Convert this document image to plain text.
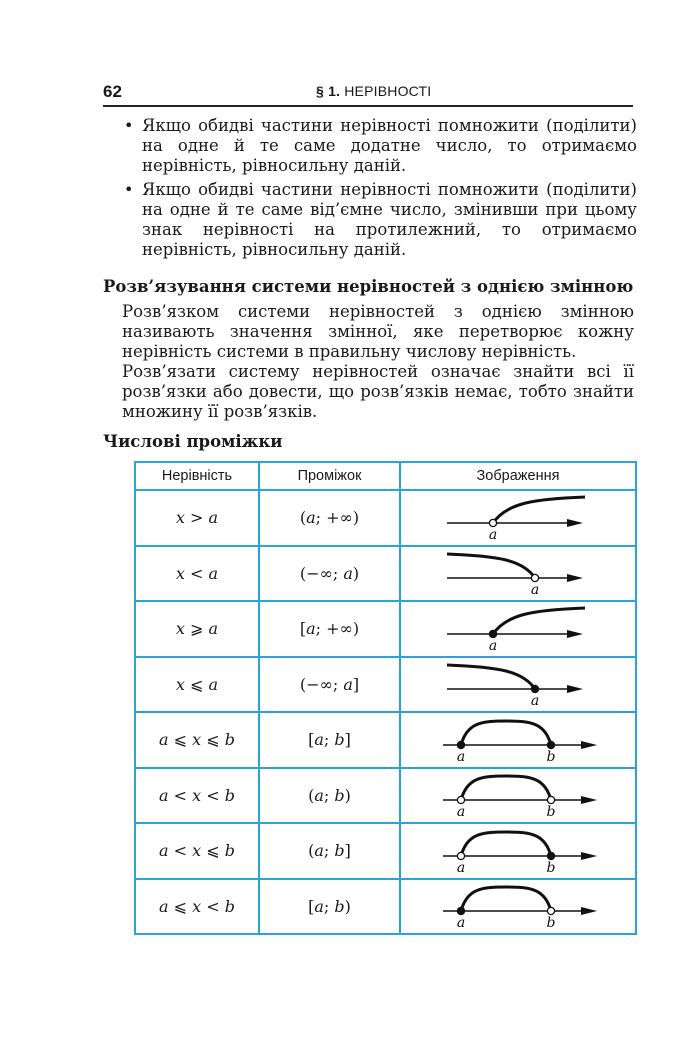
62	§ 1. НЕРІВНОСТІ
• Якщо обидві частини нерівності помножити (поділити) на одне й те саме додатне число, то отримаємо нерівність, рівносильну даній.
• Якщо обидві частини нерівності помножити (поділити) на одне й те саме від’ємне число, змінивши при цьому знак нерівності на протилежний, то отримаємо нерівність, рівносильну даній.
Розв’язування системи нерівностей з однією змінною

Розв’язком системи нерівностей з однією змінною називають значення змінної, яке перетворює кожну нерівність системи в правильну числову нерівність.

Розв’язати систему нерівностей означає знайти всі її розв’язки або довести, що розв’язків немає, тобто знайти множину її розв’язків.

Числові проміжки
Нерівність	Проміжок	Зображення
x > a	(a; +∞)	a

x < a	(−∞; a)	a

x ⩾ a	[a; +∞)	a

x ⩽ a	(−∞; a]	a

a ⩽ x ⩽ b	[a; b]	a b

a < x < b	(a; b)	a b

a < x ⩽ b	(a; b]	a b

a ⩽ x < b	[a; b)	a b
